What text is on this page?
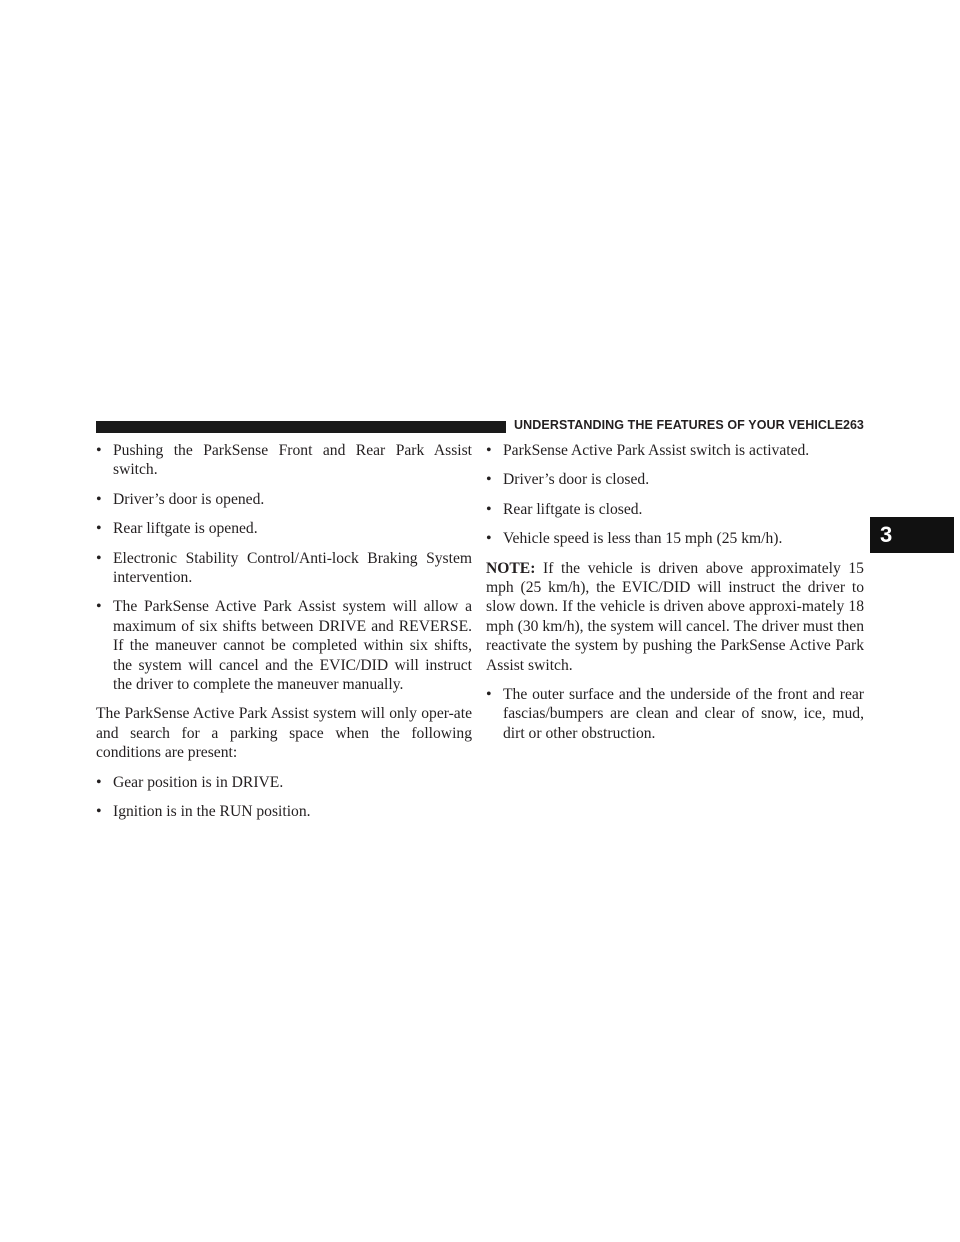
UNDERSTANDING THE FEATURES OF YOUR VEHICLE 263
3
• Pushing the ParkSense Front and Rear Park Assist switch.
• Driver’s door is opened.
• Rear liftgate is opened.
• Electronic Stability Control/Anti-lock Braking System intervention.
• The ParkSense Active Park Assist system will allow a maximum of six shifts between DRIVE and REVERSE. If the maneuver cannot be completed within six shifts, the system will cancel and the EVIC/DID will instruct the driver to complete the maneuver manually.
The ParkSense Active Park Assist system will only oper-ate and search for a parking space when the following conditions are present:
• Gear position is in DRIVE.
• Ignition is in the RUN position.
• ParkSense Active Park Assist switch is activated.
• Driver’s door is closed.
• Rear liftgate is closed.
• Vehicle speed is less than 15 mph (25 km/h).
NOTE: If the vehicle is driven above approximately 15 mph (25 km/h), the EVIC/DID will instruct the driver to slow down. If the vehicle is driven above approxi-mately 18 mph (30 km/h), the system will cancel. The driver must then reactivate the system by pushing the ParkSense Active Park Assist switch.
• The outer surface and the underside of the front and rear fascias/bumpers are clean and clear of snow, ice, mud, dirt or other obstruction.
